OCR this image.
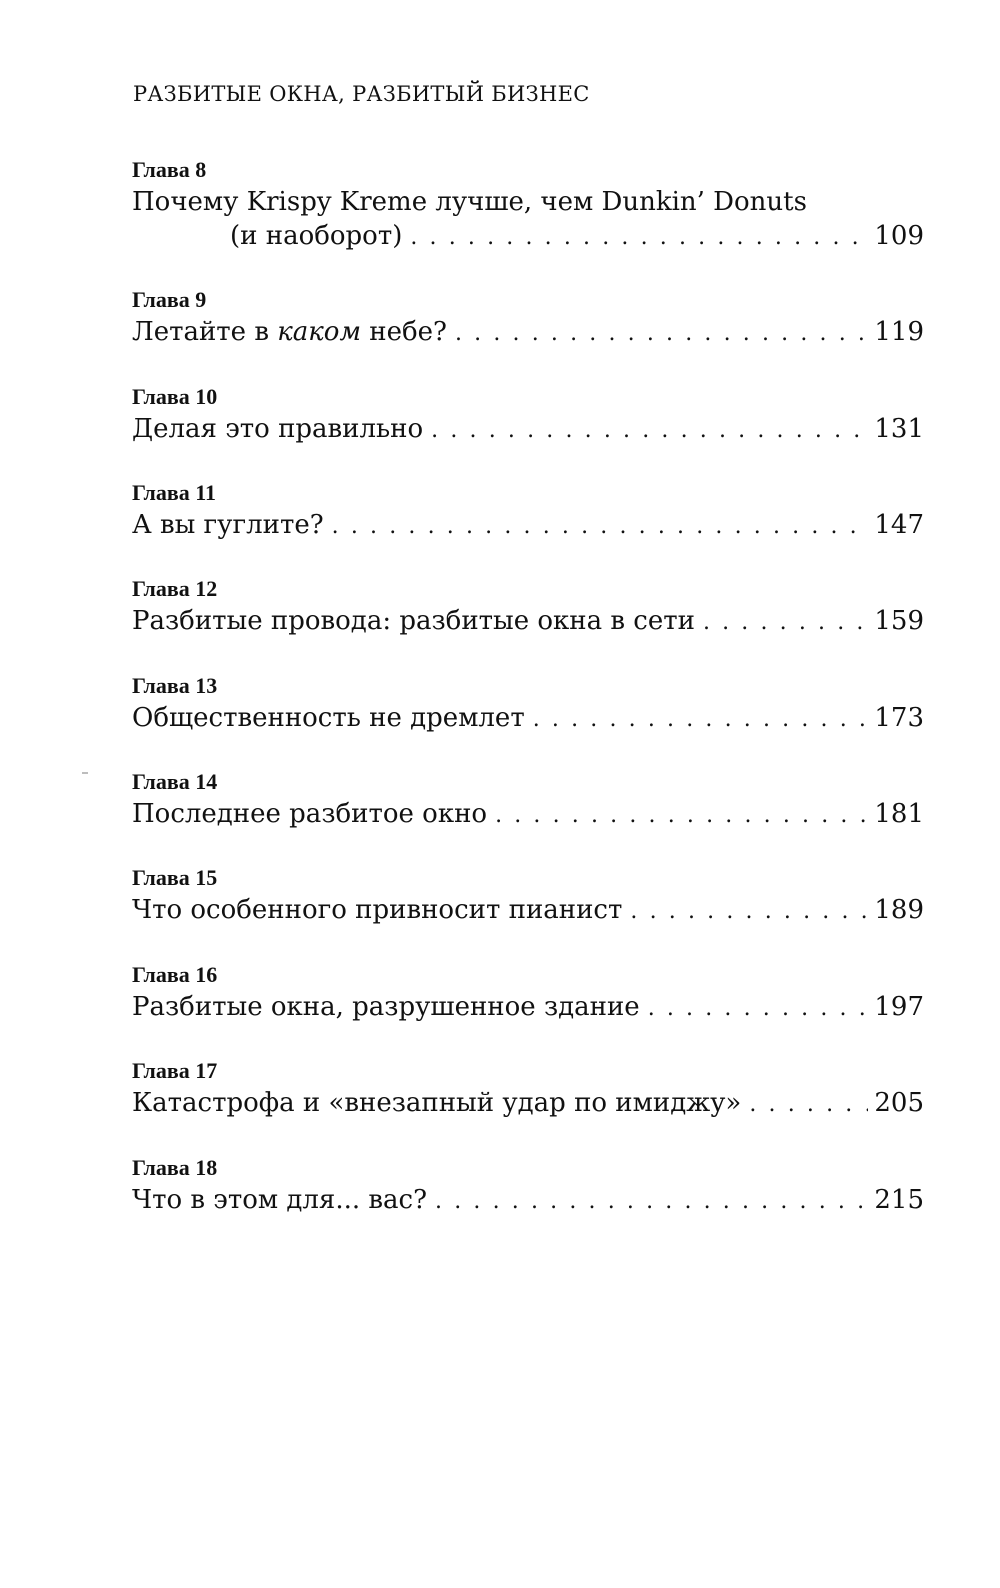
РАЗБИТЫЕ ОКНА, РАЗБИТЫЙ БИЗНЕС
Глава 8
Почему Krispy Kreme лучше, чем Dunkin’ Donuts
(и наоборот) . . .	109
Глава 9
Летайте в каком небе? . . .	119
Глава 10
Делая это правильно . . .	131
Глава 11
А вы гуглите? . . .	147
Глава 12
Разбитые провода: разбитые окна в сети . . .	159
Глава 13
Общественность не дремлет . . .	173
Глава 14
Последнее разбитое окно . . .	181
Глава 15
Что особенного привносит пианист . . .	189
Глава 16
Разбитые окна, разрушенное здание . . .	197
Глава 17
Катастрофа и «внезапный удар по имиджу» . . .	205
Глава 18
Что в этом для... вас? . . .	215
